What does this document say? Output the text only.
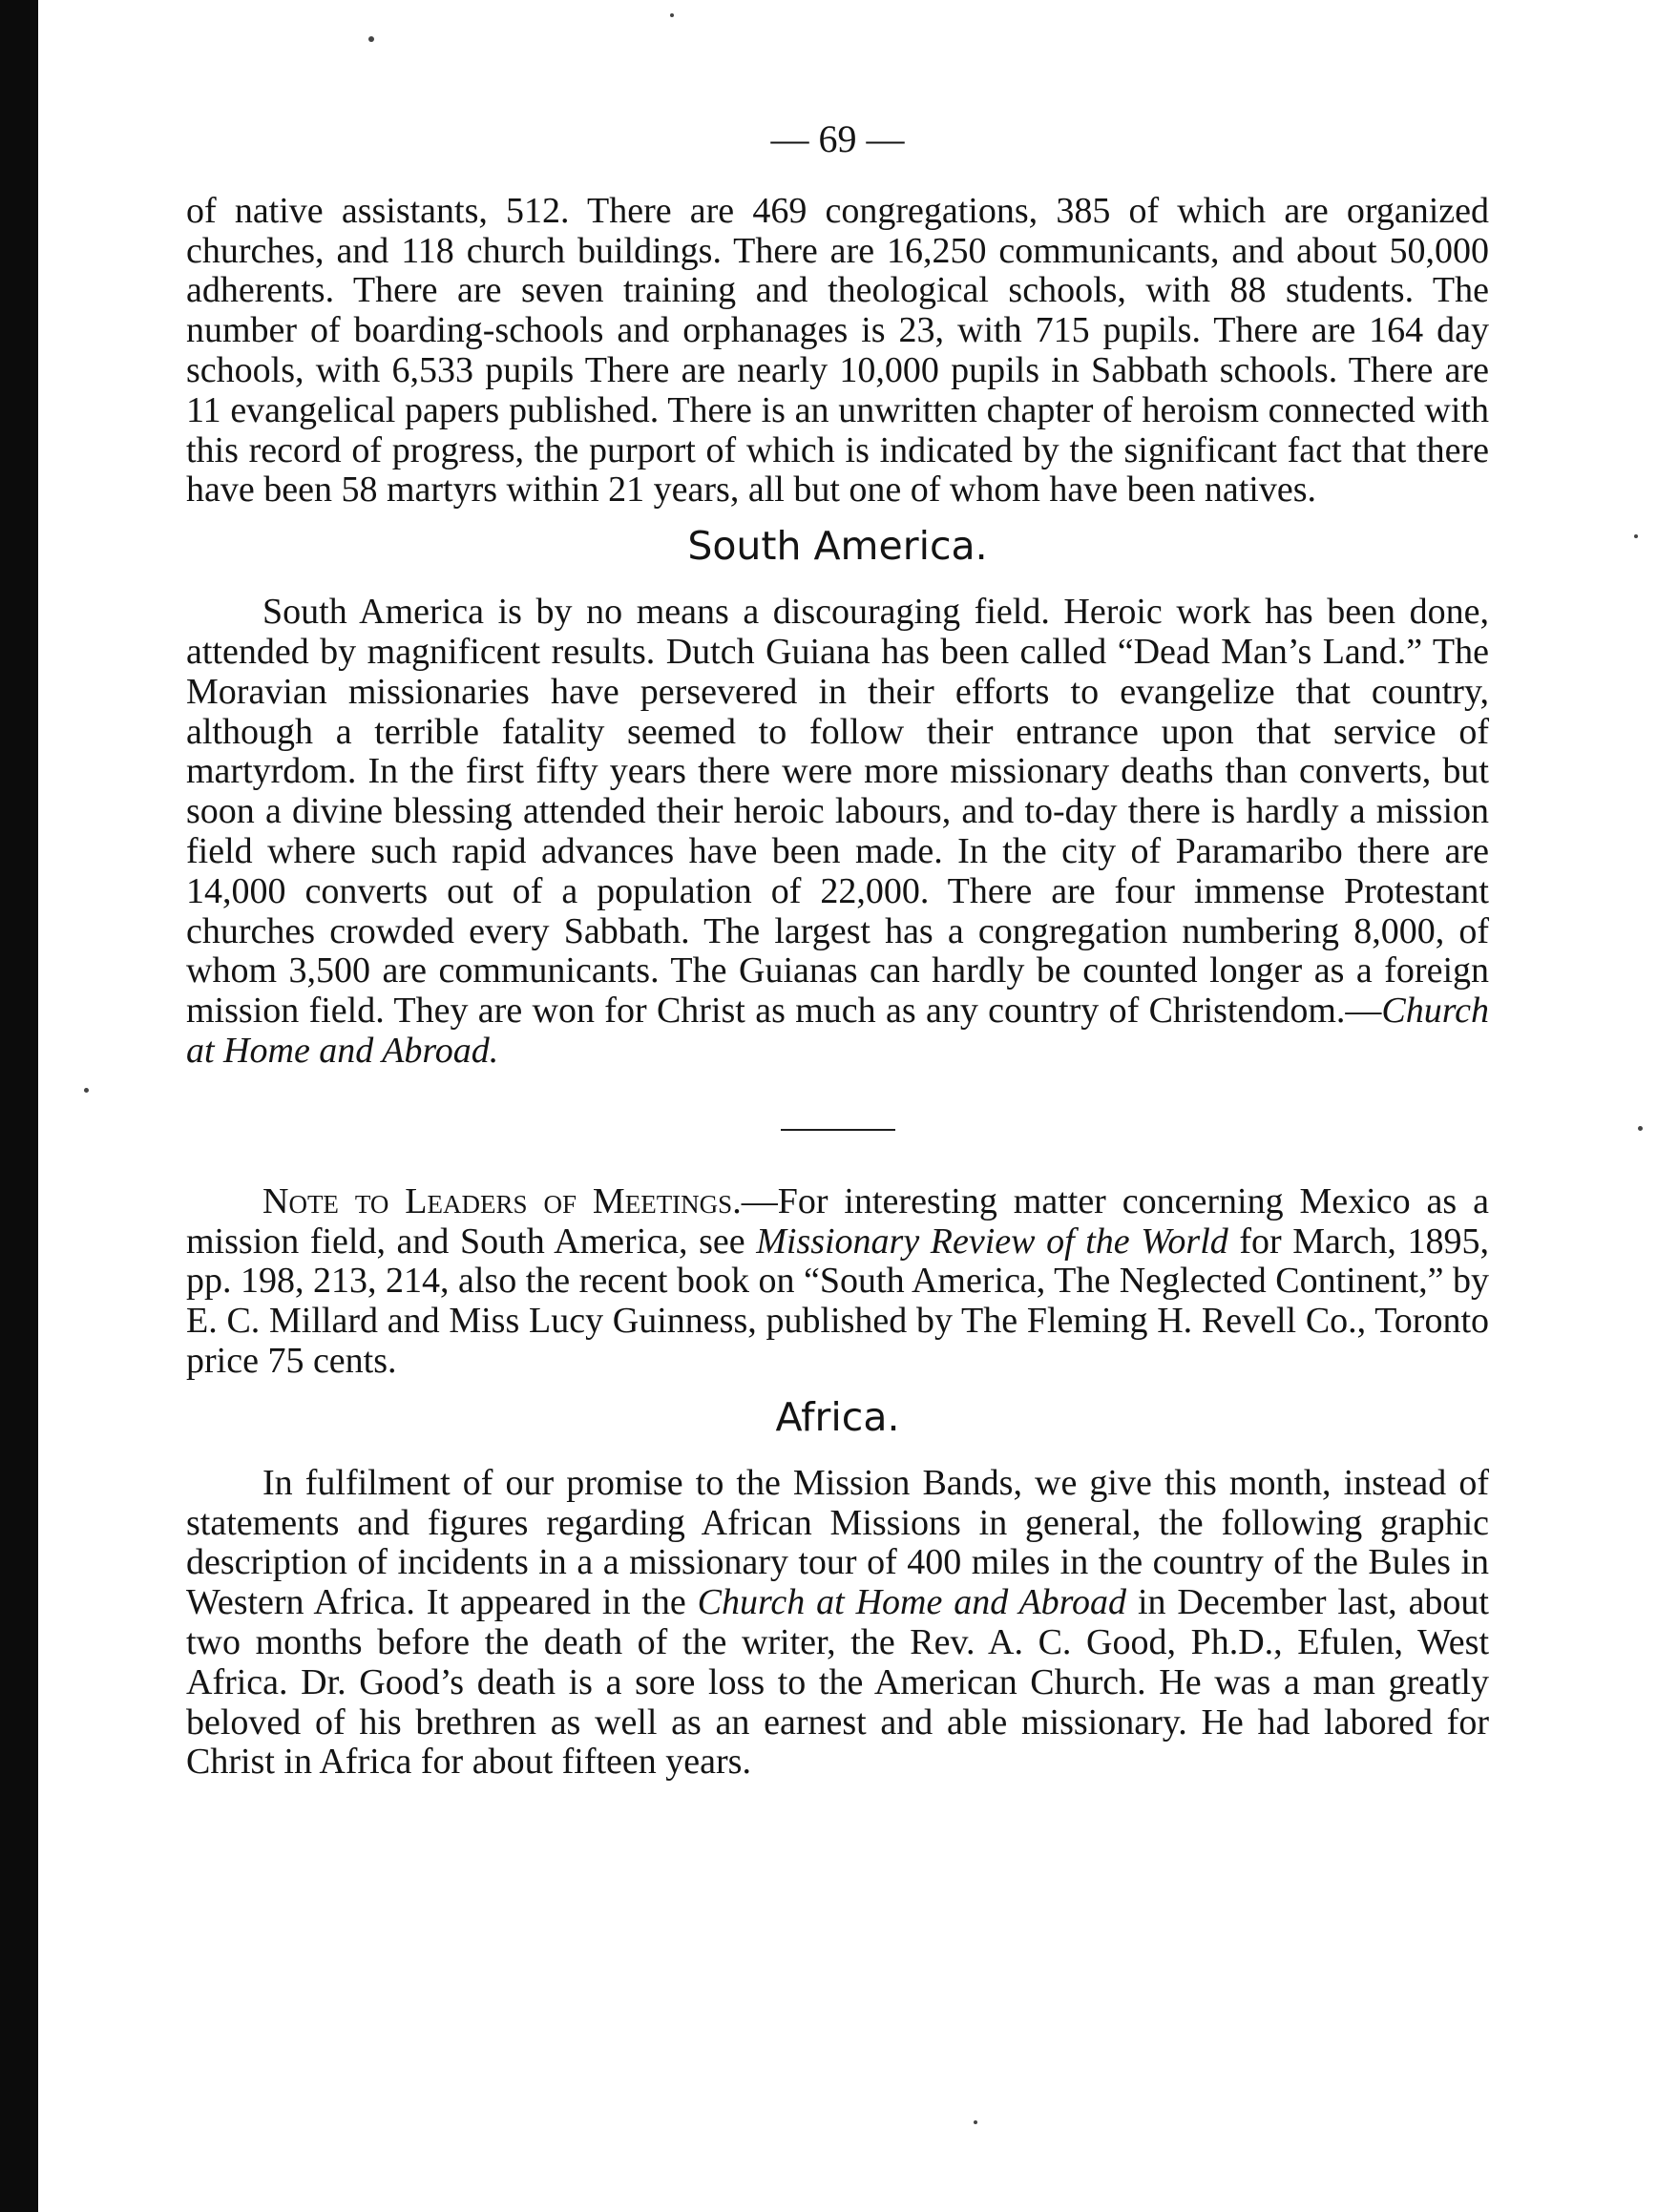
— 69 —

of native assistants, 512. There are 469 congregations, 385 of which are organized churches, and 118 church buildings. There are 16,250 communicants, and about 50,000 adherents. There are seven training and theological schools, with 88 students. The number of boarding-schools and orphanages is 23, with 715 pupils. There are 164 day schools, with 6,533 pupils There are nearly 10,000 pupils in Sabbath schools. There are 11 evangelical papers published. There is an unwritten chapter of heroism connected with this record of progress, the purport of which is indicated by the significant fact that there have been 58 martyrs within 21 years, all but one of whom have been natives.

South America.

South America is by no means a discouraging field. Heroic work has been done, attended by magnificent results. Dutch Guiana has been called “Dead Man’s Land.” The Moravian missionaries have persevered in their efforts to evangelize that country, although a terrible fatality seemed to follow their entrance upon that service of martyrdom. In the first fifty years there were more missionary deaths than converts, but soon a divine blessing attended their heroic labours, and to-day there is hardly a mission field where such rapid advances have been made. In the city of Paramaribo there are 14,000 converts out of a population of 22,000. There are four immense Protestant churches crowded every Sabbath. The largest has a congregation numbering 8,000, of whom 3,500 are communicants. The Guianas can hardly be counted longer as a foreign mission field. They are won for Christ as much as any country of Christendom.—Church at Home and Abroad.

Note to Leaders of Meetings.—For interesting matter concerning Mexico as a mission field, and South America, see Missionary Review of the World for March, 1895, pp. 198, 213, 214, also the recent book on “South America, The Neglected Continent,” by E. C. Millard and Miss Lucy Guinness, published by The Fleming H. Revell Co., Toronto price 75 cents.

Africa.

In fulfilment of our promise to the Mission Bands, we give this month, instead of statements and figures regarding African Missions in general, the following graphic description of incidents in a a missionary tour of 400 miles in the country of the Bules in Western Africa. It appeared in the Church at Home and Abroad in December last, about two months before the death of the writer, the Rev. A. C. Good, Ph.D., Efulen, West Africa. Dr. Good’s death is a sore loss to the American Church. He was a man greatly beloved of his brethren as well as an earnest and able missionary. He had labored for Christ in Africa for about fifteen years.
